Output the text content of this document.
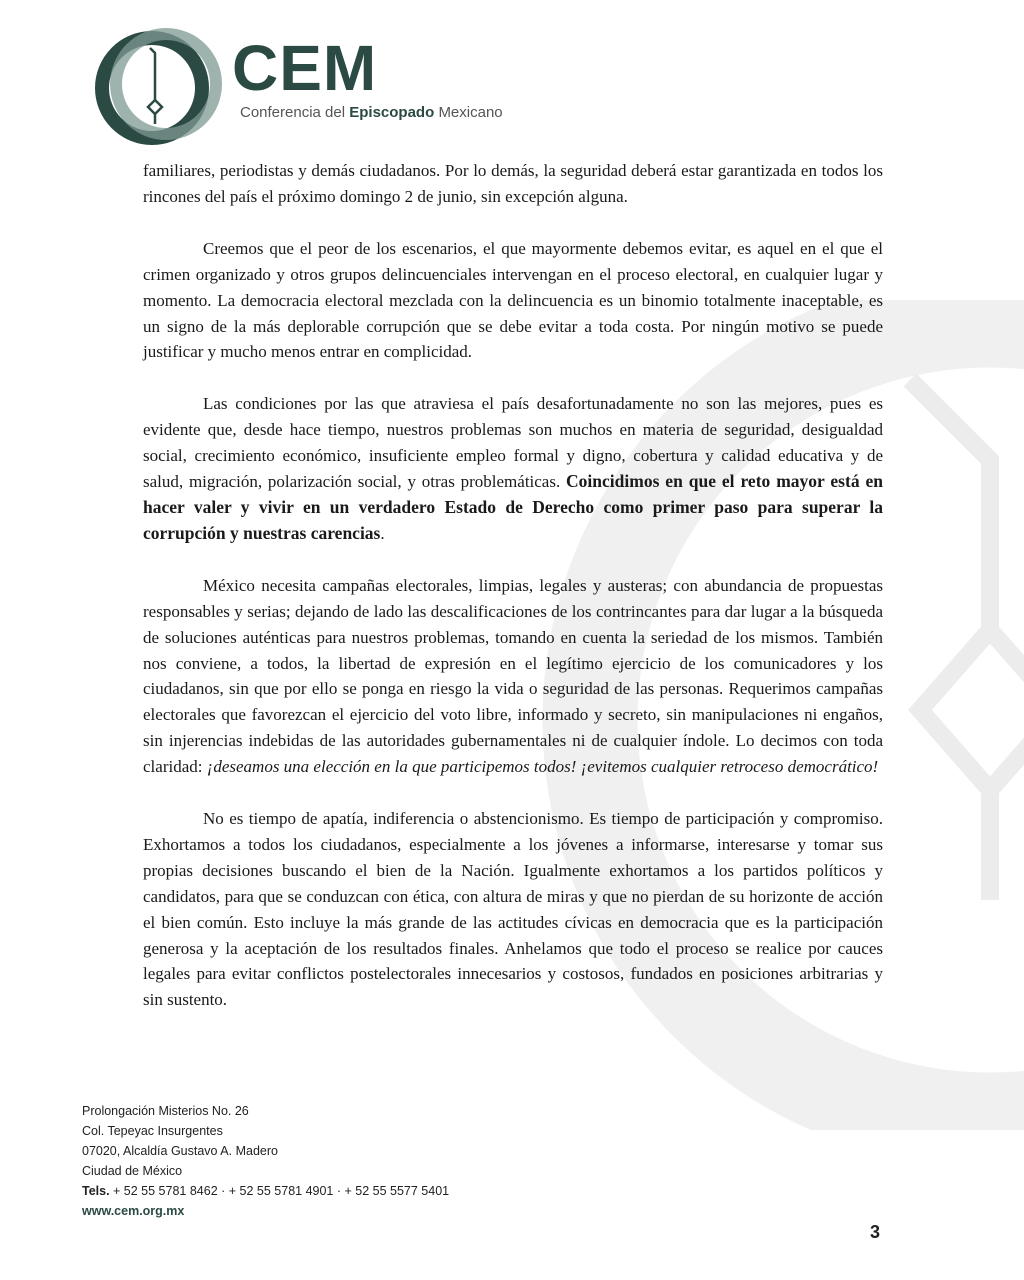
CEM
Conferencia del Episcopado Mexicano

familiares, periodistas y demás ciudadanos. Por lo demás, la seguridad deberá estar garantizada en todos los rincones del país el próximo domingo 2 de junio, sin excepción alguna.

Creemos que el peor de los escenarios, el que mayormente debemos evitar, es aquel en el que el crimen organizado y otros grupos delincuenciales intervengan en el proceso electoral, en cualquier lugar y momento. La democracia electoral mezclada con la delincuencia es un binomio totalmente inaceptable, es un signo de la más deplorable corrupción que se debe evitar a toda costa. Por ningún motivo se puede justificar y mucho menos entrar en complicidad.

Las condiciones por las que atraviesa el país desafortunadamente no son las mejores, pues es evidente que, desde hace tiempo, nuestros problemas son muchos en materia de seguridad, desigualdad social, crecimiento económico, insuficiente empleo formal y digno, cobertura y calidad educativa y de salud, migración, polarización social, y otras problemáticas. Coincidimos en que el reto mayor está en hacer valer y vivir en un verdadero Estado de Derecho como primer paso para superar la corrupción y nuestras carencias.

México necesita campañas electorales, limpias, legales y austeras; con abundancia de propuestas responsables y serias; dejando de lado las descalificaciones de los contrincantes para dar lugar a la búsqueda de soluciones auténticas para nuestros problemas, tomando en cuenta la seriedad de los mismos. También nos conviene, a todos, la libertad de expresión en el legítimo ejercicio de los comunicadores y los ciudadanos, sin que por ello se ponga en riesgo la vida o seguridad de las personas. Requerimos campañas electorales que favorezcan el ejercicio del voto libre, informado y secreto, sin manipulaciones ni engaños, sin injerencias indebidas de las autoridades gubernamentales ni de cualquier índole. Lo decimos con toda claridad: ¡deseamos una elección en la que participemos todos! ¡evitemos cualquier retroceso democrático!

No es tiempo de apatía, indiferencia o abstencionismo. Es tiempo de participación y compromiso. Exhortamos a todos los ciudadanos, especialmente a los jóvenes a informarse, interesarse y tomar sus propias decisiones buscando el bien de la Nación. Igualmente exhortamos a los partidos políticos y candidatos, para que se conduzcan con ética, con altura de miras y que no pierdan de su horizonte de acción el bien común. Esto incluye la más grande de las actitudes cívicas en democracia que es la participación generosa y la aceptación de los resultados finales. Anhelamos que todo el proceso se realice por cauces legales para evitar conflictos postelectorales innecesarios y costosos, fundados en posiciones arbitrarias y sin sustento.

Prolongación Misterios No. 26
Col. Tepeyac Insurgentes
07020, Alcaldía Gustavo A. Madero
Ciudad de México
Tels. + 52 55 5781 8462 · + 52 55 5781 4901 · + 52 55 5577 5401
www.cem.org.mx
3
